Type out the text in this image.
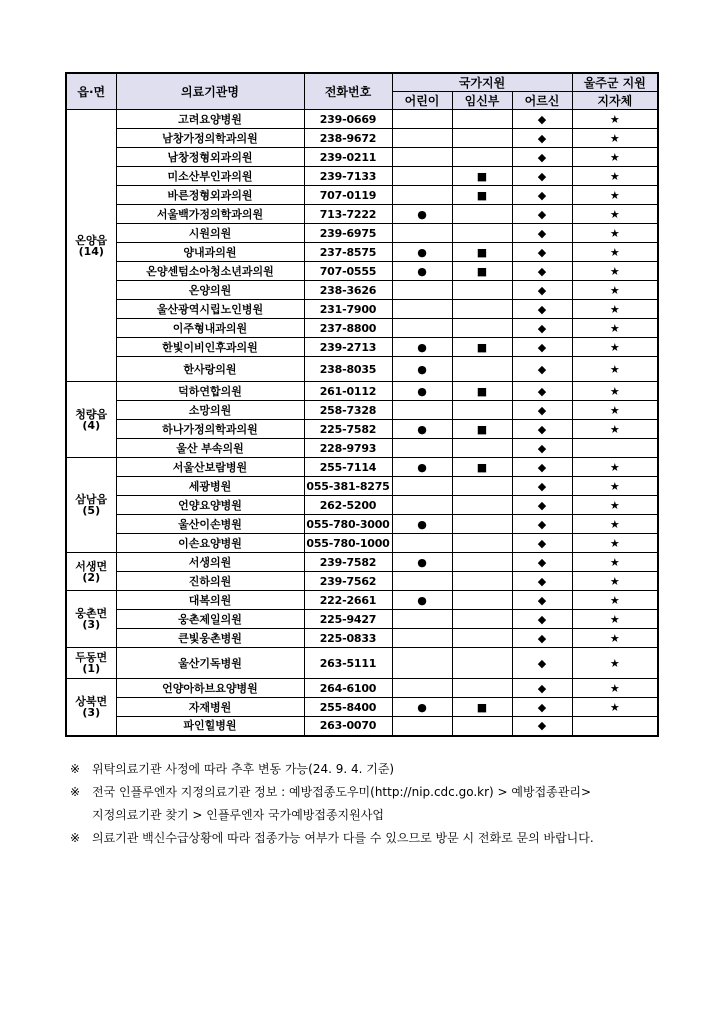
읍·면	의료기관명	전화번호	국가지원			울주군 지원
			어린이	임신부	어르신	지자체

온양읍
(14)	고려요양병원	239-0669			◆	★
	남창가정의학과의원	238-9672			◆	★
	남창정형외과의원	239-0211			◆	★
	미소산부인과의원	239-7133		■	◆	★
	바른정형외과의원	707-0119		■	◆	★
	서울백가정의학과의원	713-7222	●		◆	★
	시원의원	239-6975			◆	★
	양내과의원	237-8575	●	■	◆	★
	온양센텀소아청소년과의원	707-0555	●	■	◆	★
	온양의원	238-3626			◆	★
	울산광역시립노인병원	231-7900			◆	★
	이주형내과의원	237-8800			◆	★
	한빛이비인후과의원	239-2713	●	■	◆	★
	한사랑의원	238-8035	●		◆	★

청량읍
(4)	덕하연합의원	261-0112	●	■	◆	★
	소망의원	258-7328			◆	★
	하나가정의학과의원	225-7582	●	■	◆	★
	울산 부속의원	228-9793			◆	

삼남읍
(5)	서울산보람병원	255-7114	●	■	◆	★
	세광병원	055-381-8275			◆	★
	언양요양병원	262-5200			◆	★
	울산이손병원	055-780-3000	●		◆	★
	이손요양병원	055-780-1000			◆	★

서생면
(2)	서생의원	239-7582	●		◆	★
	진하의원	239-7562			◆	★

웅촌면
(3)	대복의원	222-2661	●		◆	★
	웅촌제일의원	225-9427			◆	★
	큰빛웅촌병원	225-0833			◆	★

두동면
(1)	울산기독병원	263-5111			◆	★

상북면
(3)	언양아하브요양병원	264-6100			◆	★
	자재병원	255-8400	●	■	◆	★
	파인힐병원	263-0070			◆	
※ 위탁의료기관 사정에 따라 추후 변동 가능(24. 9. 4. 기준)
※ 전국 인플루엔자 지정의료기관 정보 : 예방접종도우미(http://nip.cdc.go.kr) > 예방접종관리>
지정의료기관 찾기 > 인플루엔자 국가예방접종지원사업
※ 의료기관 백신수급상황에 따라 접종가능 여부가 다를 수 있으므로 방문 시 전화로 문의 바랍니다.
